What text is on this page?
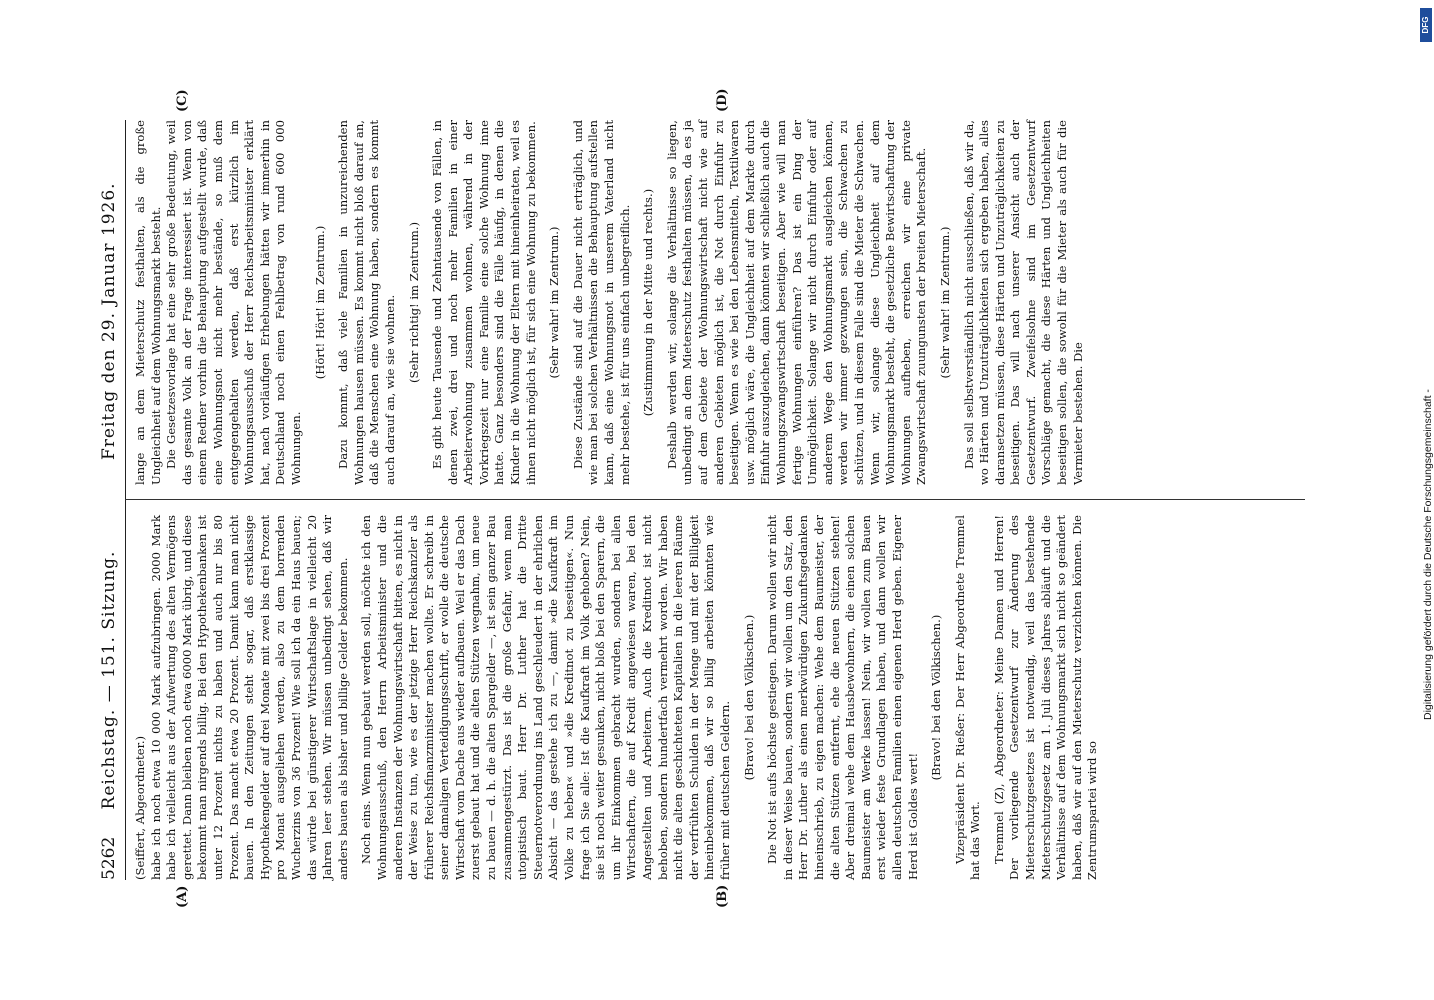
5262
Reichstag. — 151. Sitzung.
Freitag den 29. Januar 1926.
(A)	(B)
(C)	(D)

(Seiffert, Abgeordneter.) habe ich noch etwa 10 000 Mark aufzubringen. 2000 Mark habe ich vielleicht aus der Aufwertung des alten Vermögens gerettet. Dann bleiben noch etwa 6000 Mark übrig, und diese bekommt man nirgends billig. Bei den Hypothekenbanken ist unter 12 Prozent nichts zu haben und auch nur bis 80 Prozent. Das macht etwa 20 Prozent. Damit kann man nicht bauen. In den Zeitungen steht sogar, daß erstklassige Hypothekengelder auf drei Monate mit zwei bis drei Prozent pro Monat ausgeliehen werden, also zu dem horrenden Wucherzins von 36 Prozent! Wie soll ich da ein Haus bauen; das würde bei günstigerer Wirtschaftslage in vielleicht 20 Jahren leer stehen. Wir müssen unbedingt sehen, daß wir anders bauen als bisher und billige Gelder bekommen. Noch eins. Wenn nun gebaut werden soll, möchte ich den Wohnungsausschuß, den Herrn Arbeitsminister und die anderen Instanzen der Wohnungswirtschaft bitten, es nicht in der Weise zu tun, wie es der jetzige Herr Reichskanzler als früherer Reichsfinanzminister machen wollte. Er schreibt in seiner damaligen Verteidigungsschrift, er wolle die deutsche Wirtschaft vom Dache aus wieder aufbauen. Weil er das Dach zuerst gebaut hat und die alten Stützen wegnahm, um neue zu bauen — d. h. die alten Spargelder —, ist sein ganzer Bau zusammengestürzt. Das ist die große Gefahr, wenn man utopistisch baut. Herr Dr. Luther hat die Dritte Steuernotverordnung ins Land geschleudert in der ehrlichen Absicht — das gestehe ich zu —, damit »die Kaufkraft im Volke zu heben« und »die Kreditnot zu beseitigen«. Nun frage ich Sie alle: Ist die Kaufkraft im Volk gehoben? Nein, sie ist noch weiter gesunken, nicht bloß bei den Sparern, die um ihr Einkommen gebracht wurden, sondern bei allen Wirtschaftern, die auf Kredit angewiesen waren, bei den Angestellten und Arbeitern. Auch die Kreditnot ist nicht behoben, sondern hundertfach vermehrt worden. Wir haben nicht die alten geschichteten Kapitalien in die leeren Räume der verfrühten Schulden in der Menge und mit der Billigkeit hineinbekommen, daß wir so billig arbeiten könnten wie früher mit deutschen Geldern.

(Bravo! bei den Völkischen.) Die Not ist aufs höchste gestiegen. Darum wollen wir nicht in dieser Weise bauen, sondern wir wollen um den Satz, den Herr Dr. Luther als einen merkwürdigen Zukunftsgedanken hineinschrieb, zu eigen machen: Wehe dem Baumeister, der die alten Stützen entfernt, ehe die neuen Stützen stehen! Aber dreimal wehe dem Hausbewohnern, die einen solchen Baumeister am Werke lassen! Nein, wir wollen zum Bauen erst wieder feste Grundlagen haben, und dann wollen wir allen deutschen Familien einen eigenen Herd geben. Eigener Herd ist Goldes wert!

(Bravo! bei den Völkischen.) Vizepräsident Dr. Rießer: Der Herr Abgeordnete Tremmel hat das Wort. Tremmel (Z), Abgeordneter: Meine Damen und Herren! Der vorliegende Gesetzentwurf zur Änderung des Mieterschutzgesetzes ist notwendig, weil das bestehende Mieterschutzgesetz am 1. Juli dieses Jahres abläuft und die Verhältnisse auf dem Wohnungsmarkt sich nicht so geändert haben, daß wir auf den Mieterschutz verzichten können. Die Zentrumspartei wird so

lange an dem Mieterschutz festhalten, als die große Ungleichheit auf dem Wohnungsmarkt besteht. Die Gesetzesvorlage hat eine sehr große Bedeutung, weil das gesamte Volk an der Frage interessiert ist. Wenn von einem Redner vorhin die Behauptung aufgestellt wurde, daß eine Wohnungsnot nicht mehr bestände, so muß dem entgegengehalten werden, daß erst kürzlich im Wohnungsausschuß der Herr Reichsarbeitsminister erklärt hat, nach vorläufigen Erhebungen hätten wir immerhin in Deutschland noch einen Fehlbetrag von rund 600 000 Wohnungen.

(Hört! Hört! im Zentrum.) Dazu kommt, daß viele Familien in unzureichenden Wohnungen hausen müssen. Es kommt nicht bloß darauf an, daß die Menschen eine Wohnung haben, sondern es kommt auch darauf an, wie sie wohnen. (Sehr richtig! im Zentrum.) Es gibt heute Tausende und Zehntausende von Fällen, in denen zwei, drei und noch mehr Familien in einer Arbeiterwohnung zusammen wohnen, während in der Vorkriegszeit nur eine Familie eine solche Wohnung inne hatte. Ganz besonders sind die Fälle häufig, in denen die Kinder in die Wohnung der Eltern mit hineinheiraten, weil es ihnen nicht möglich ist, für sich eine Wohnung zu bekommen. (Sehr wahr! im Zentrum.) Diese Zustände sind auf die Dauer nicht erträglich, und wie man bei solchen Verhältnissen die Behauptung aufstellen kann, daß eine Wohnungsnot in unserem Vaterland nicht mehr bestehe, ist für uns einfach unbegreiflich. (Zustimmung in der Mitte und rechts.) Deshalb werden wir, solange die Verhältnisse so liegen, unbedingt an dem Mieterschutz festhalten müssen, da es ja auf dem Gebiete der Wohnungswirtschaft nicht wie auf anderen Gebieten möglich ist, die Not durch Einfuhr zu beseitigen. Wenn es wie bei den Lebensmitteln, Textilwaren usw. möglich wäre, die Ungleichheit auf dem Markte durch Einfuhr auszugleichen, dann könnten wir schließlich auch die Wohnungszwangswirtschaft beseitigen. Aber wie will man fertige Wohnungen einführen? Das ist ein Ding der Unmöglichkeit. Solange wir nicht durch Einfuhr oder auf anderem Wege den Wohnungsmarkt ausgleichen können, werden wir immer gezwungen sein, die Schwachen zu schützen, und in diesem Falle sind die Mieter die Schwachen. Wenn wir, solange diese Ungleichheit auf dem Wohnungsmarkt besteht, die gesetzliche Bewirtschaftung der Wohnungen aufheben, erreichen wir eine private Zwangswirtschaft zuungunsten der breiten Mieterschaft. (Sehr wahr! im Zentrum.) Das soll selbstverständlich nicht ausschließen, daß wir da, wo Härten und Unzuträglichkeiten sich ergeben haben, alles daransetzen müssen, diese Härten und Unzuträglichkeiten zu beseitigen. Das will nach unserer Ansicht auch der Gesetzentwurf. Zweifelsohne sind im Gesetzentwurf Vorschläge gemacht, die diese Härten und Ungleichheiten beseitigen sollen, die sowohl für die Mieter als auch für die Vermieter bestehen. Die	Digitalisierung gefördert durch die Deutsche Forschungsgemeinschaft -
DFG
